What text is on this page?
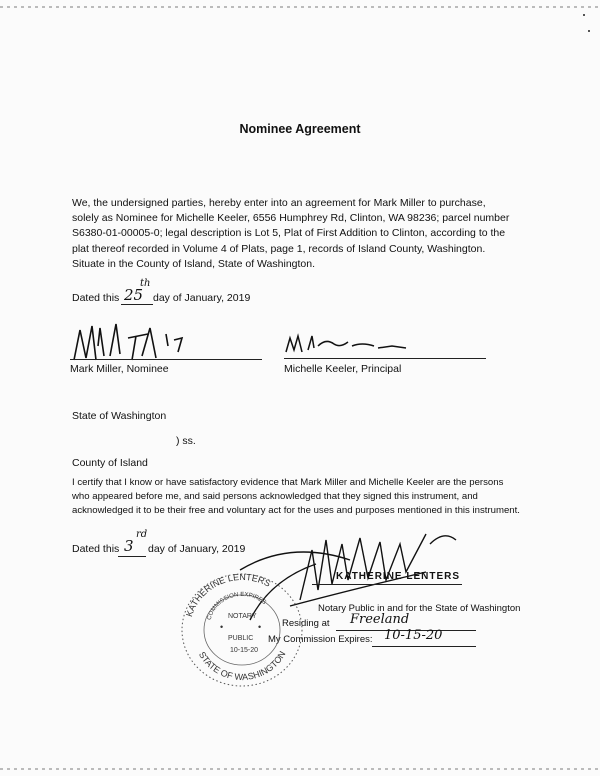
Nominee Agreement
We, the undersigned parties, hereby enter into an agreement for Mark Miller to purchase,
solely as Nominee for Michelle Keeler, 6556 Humphrey Rd, Clinton, WA 98236; parcel number
S6380-01-00005-0; legal description is Lot 5, Plat of First Addition to Clinton, according to the
plat thereof recorded in Volume 4 of Plats, page 1, records of Island County, Washington.
Situate in the County of Island, State of Washington.
Dated this 25
th
day of January, 2019
Mark Miller, Nominee	Michelle Keeler, Principal
State of Washington
) ss.
County of Island
I certify that I know or have satisfactory evidence that Mark Miller and Michelle Keeler are the persons
who appeared before me, and said persons acknowledged that they signed this instrument, and
acknowledged it to be their free and voluntary act for the uses and purposes mentioned in this instrument.
Dated this 3
rd
day of January, 2019
KATHERINE LENTERS
Notary Public in and for the State of Washington
Residing at Freeland
My Commission Expires: 10-15-20
KATHERINE LENTERS
STATE OF WASHINGTON
COMMISSION EXPIRES
NOTARY
PUBLIC
10-15-20
•	•
